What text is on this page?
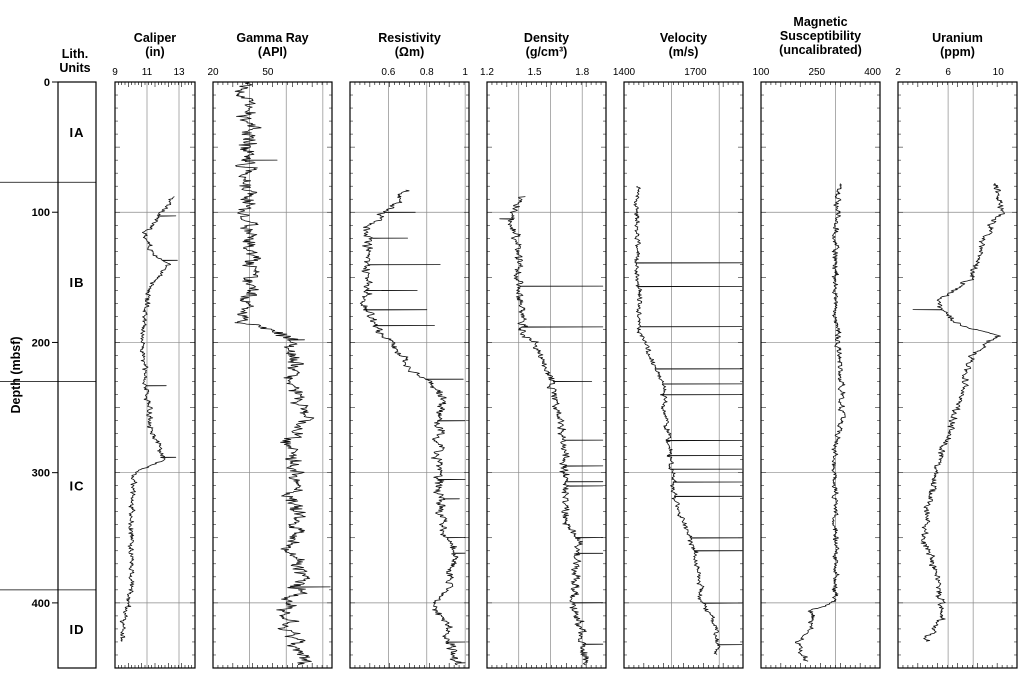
Depth (mbsf)
0
100
200
300
400
Lith.
Units
IA
IB
IC
ID
Caliper
(in)
9 11 13
Gamma Ray
(API)
20	50
Resistivity
(Ωm)
0.6 0.8	1
Density
(g/cm³)
1.2	1.5	1.8
Velocity
(m/s)
1400	1700
Magnetic
Susceptibility
(uncalibrated)
100	250	400
Uranium
(ppm)
2	6	10
